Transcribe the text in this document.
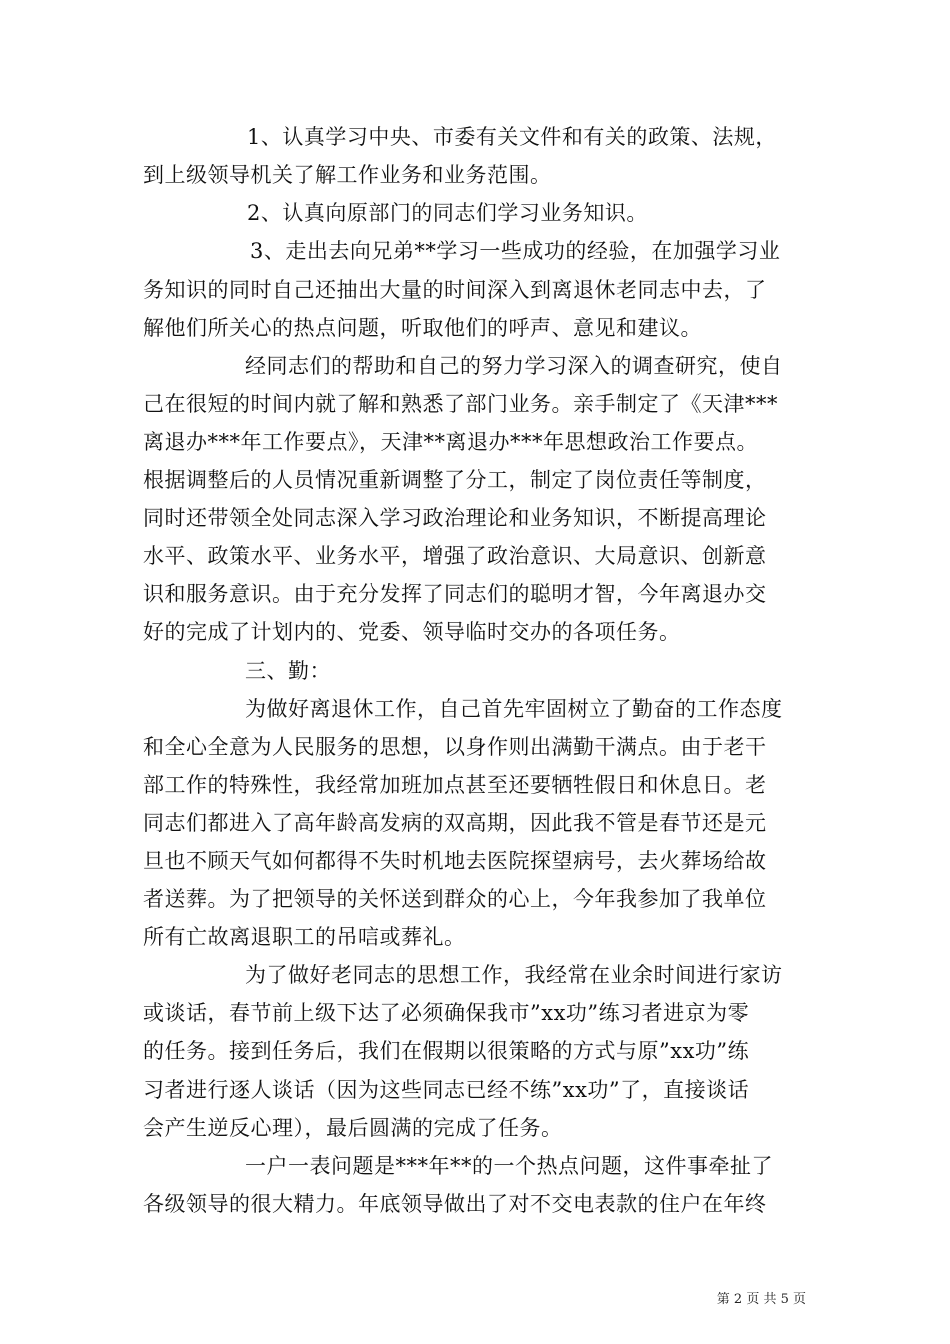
1、认真学习中央、市委有关文件和有关的政策、法规，
到上级领导机关了解工作业务和业务范围。
2、认真向原部门的同志们学习业务知识。
3、走出去向兄弟**学习一些成功的经验，在加强学习业
务知识的同时自己还抽出大量的时间深入到离退休老同志中去，了
解他们所关心的热点问题，听取他们的呼声、意见和建议。
经同志们的帮助和自己的努力学习深入的调查研究，使自
己在很短的时间内就了解和熟悉了部门业务。亲手制定了《天津***
离退办***年工作要点》，天津**离退办***年思想政治工作要点。
根据调整后的人员情况重新调整了分工，制定了岗位责任等制度，
同时还带领全处同志深入学习政治理论和业务知识，不断提高理论
水平、政策水平、业务水平，增强了政治意识、大局意识、创新意
识和服务意识。由于充分发挥了同志们的聪明才智，今年离退办交
好的完成了计划内的、党委、领导临时交办的各项任务。
三、勤：
为做好离退休工作，自己首先牢固树立了勤奋的工作态度
和全心全意为人民服务的思想，以身作则出满勤干满点。由于老干
部工作的特殊性，我经常加班加点甚至还要牺牲假日和休息日。老
同志们都进入了高年龄高发病的双高期，因此我不管是春节还是元
旦也不顾天气如何都得不失时机地去医院探望病号，去火葬场给故
者送葬。为了把领导的关怀送到群众的心上，今年我参加了我单位
所有亡故离退职工的吊唁或葬礼。
为了做好老同志的思想工作，我经常在业余时间进行家访
或谈话，春节前上级下达了必须确保我市”xx功”练习者进京为零
的任务。接到任务后，我们在假期以很策略的方式与原”xx功”练
习者进行逐人谈话（因为这些同志已经不练”xx功”了，直接谈话
会产生逆反心理），最后圆满的完成了任务。
一户一表问题是***年**的一个热点问题，这件事牵扯了
各级领导的很大精力。年底领导做出了对不交电表款的住户在年终
第 2 页 共 5 页
